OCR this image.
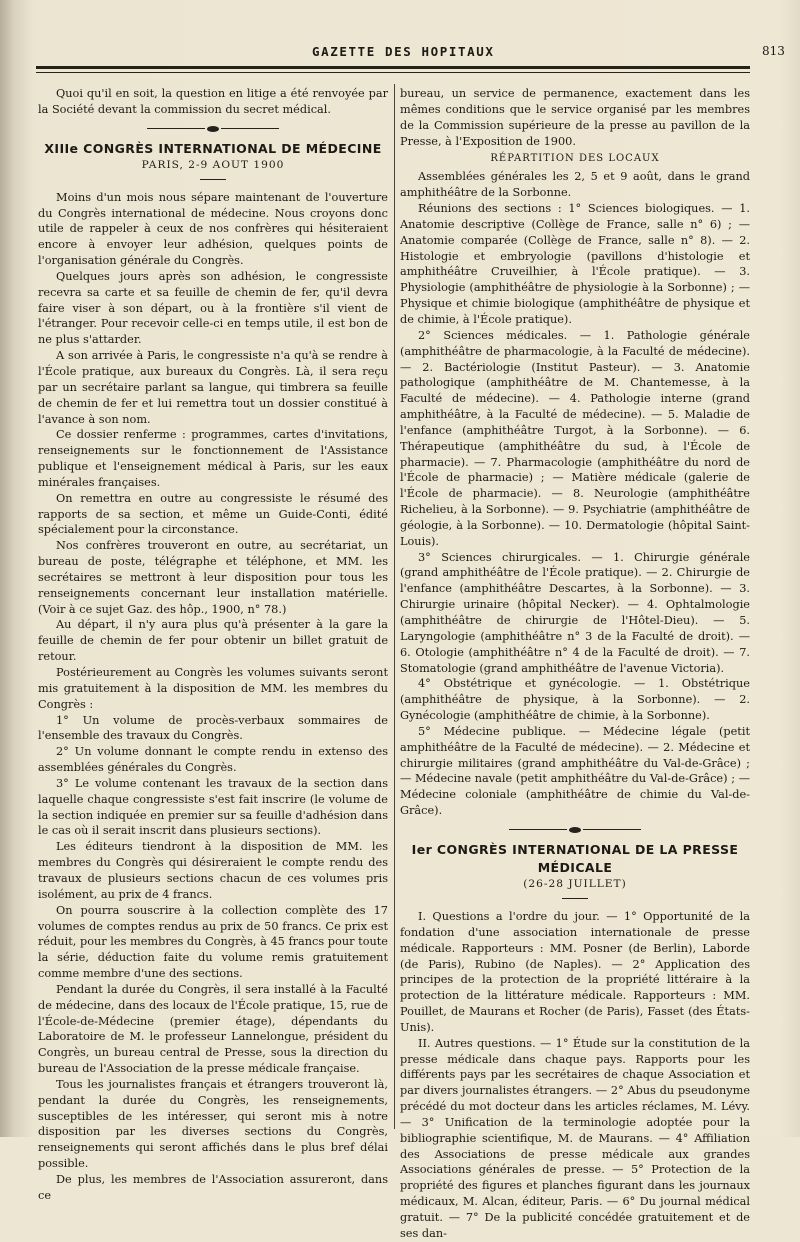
GAZETTE DES HOPITAUX	813

Quoi qu'il en soit, la question en litige a été renvoyée par la Société devant la commission du secret médical.

XIIIe CONGRÈS INTERNATIONAL DE MÉDECINE
PARIS, 2-9 AOUT 1900

Moins d'un mois nous sépare maintenant de l'ouverture du Congrès international de médecine. Nous croyons donc utile de rappeler à ceux de nos confrères qui hésiteraient encore à envoyer leur adhésion, quelques points de l'organisation générale du Congrès.

Quelques jours après son adhésion, le congressiste recevra sa carte et sa feuille de chemin de fer, qu'il devra faire viser à son départ, ou à la frontière s'il vient de l'étranger. Pour recevoir celle-ci en temps utile, il est bon de ne plus s'attarder.

A son arrivée à Paris, le congressiste n'a qu'à se rendre à l'École pratique, aux bureaux du Congrès. Là, il sera reçu par un secrétaire parlant sa langue, qui timbrera sa feuille de chemin de fer et lui remettra tout un dossier constitué à l'avance à son nom.

Ce dossier renferme : programmes, cartes d'invitations, renseignements sur le fonctionnement de l'Assistance publique et l'enseignement médical à Paris, sur les eaux minérales françaises.

On remettra en outre au congressiste le résumé des rapports de sa section, et même un Guide-Conti, édité spécialement pour la circonstance.

Nos confrères trouveront en outre, au secrétariat, un bureau de poste, télégraphe et téléphone, et MM. les secrétaires se mettront à leur disposition pour tous les renseignements concernant leur installation matérielle. (Voir à ce sujet Gaz. des hôp., 1900, n° 78.)

Au départ, il n'y aura plus qu'à présenter à la gare la feuille de chemin de fer pour obtenir un billet gratuit de retour.

Postérieurement au Congrès les volumes suivants seront mis gratuitement à la disposition de MM. les membres du Congrès :

1° Un volume de procès-verbaux sommaires de l'ensemble des travaux du Congrès.

2° Un volume donnant le compte rendu in extenso des assemblées générales du Congrès.

3° Le volume contenant les travaux de la section dans laquelle chaque congressiste s'est fait inscrire (le volume de la section indiquée en premier sur sa feuille d'adhésion dans le cas où il serait inscrit dans plusieurs sections).

Les éditeurs tiendront à la disposition de MM. les membres du Congrès qui désireraient le compte rendu des travaux de plusieurs sections chacun de ces volumes pris isolément, au prix de 4 francs.

On pourra souscrire à la collection complète des 17 volumes de comptes rendus au prix de 50 francs. Ce prix est réduit, pour les membres du Congrès, à 45 francs pour toute la série, déduction faite du volume remis gratuitement comme membre d'une des sections.

Pendant la durée du Congrès, il sera installé à la Faculté de médecine, dans des locaux de l'École pratique, 15, rue de l'École-de-Médecine (premier étage), dépendants du Laboratoire de M. le professeur Lannelongue, président du Congrès, un bureau central de Presse, sous la direction du bureau de l'Association de la presse médicale française.

Tous les journalistes français et étrangers trouveront là, pendant la durée du Congrès, les renseignements, susceptibles de les intéresser, qui seront mis à notre disposition par les diverses sections du Congrès, renseignements qui seront affichés dans le plus bref délai possible.

De plus, les membres de l'Association assureront, dans ce

bureau, un service de permanence, exactement dans les mêmes conditions que le service organisé par les membres de la Commission supérieure de la presse au pavillon de la Presse, à l'Exposition de 1900.

RÉPARTITION DES LOCAUX

Assemblées générales les 2, 5 et 9 août, dans le grand amphithéâtre de la Sorbonne.

Réunions des sections : 1° Sciences biologiques. — 1. Anatomie descriptive (Collège de France, salle n° 6) ; — Anatomie comparée (Collège de France, salle n° 8). — 2. Histologie et embryologie (pavillons d'histologie et amphithéâtre Cruveilhier, à l'École pratique). — 3. Physiologie (amphithéâtre de physiologie à la Sorbonne) ; — Physique et chimie biologique (amphithéâtre de physique et de chimie, à l'École pratique).

2° Sciences médicales. — 1. Pathologie générale (amphithéâtre de pharmacologie, à la Faculté de médecine). — 2. Bactériologie (Institut Pasteur). — 3. Anatomie pathologique (amphithéâtre de M. Chantemesse, à la Faculté de médecine). — 4. Pathologie interne (grand amphithéâtre, à la Faculté de médecine). — 5. Maladie de l'enfance (amphithéâtre Turgot, à la Sorbonne). — 6. Thérapeutique (amphithéâtre du sud, à l'École de pharmacie). — 7. Pharmacologie (amphithéâtre du nord de l'École de pharmacie) ; — Matière médicale (galerie de l'École de pharmacie). — 8. Neurologie (amphithéâtre Richelieu, à la Sorbonne). — 9. Psychiatrie (amphithéâtre de géologie, à la Sorbonne). — 10. Dermatologie (hôpital Saint-Louis).

3° Sciences chirurgicales. — 1. Chirurgie générale (grand amphithéâtre de l'École pratique). — 2. Chirurgie de l'enfance (amphithéâtre Descartes, à la Sorbonne). — 3. Chirurgie urinaire (hôpital Necker). — 4. Ophtalmologie (amphithéâtre de chirurgie de l'Hôtel-Dieu). — 5. Laryngologie (amphithéâtre n° 3 de la Faculté de droit). — 6. Otologie (amphithéâtre n° 4 de la Faculté de droit). — 7. Stomatologie (grand amphithéâtre de l'avenue Victoria).

4° Obstétrique et gynécologie. — 1. Obstétrique (amphithéâtre de physique, à la Sorbonne). — 2. Gynécologie (amphithéâtre de chimie, à la Sorbonne).

5° Médecine publique. — Médecine légale (petit amphithéâtre de la Faculté de médecine). — 2. Médecine et chirurgie militaires (grand amphithéâtre du Val-de-Grâce) ; — Médecine navale (petit amphithéâtre du Val-de-Grâce) ; — Médecine coloniale (amphithéâtre de chimie du Val-de-Grâce).

Ier CONGRÈS INTERNATIONAL DE LA PRESSE MÉDICALE
(26-28 JUILLET)

I. Questions a l'ordre du jour. — 1° Opportunité de la fondation d'une association internationale de presse médicale. Rapporteurs : MM. Posner (de Berlin), Laborde (de Paris), Rubino (de Naples). — 2° Application des principes de la protection de la propriété littéraire à la protection de la littérature médicale. Rapporteurs : MM. Pouillet, de Maurans et Rocher (de Paris), Fasset (des États-Unis).

II. Autres questions. — 1° Étude sur la constitution de la presse médicale dans chaque pays. Rapports pour les différents pays par les secrétaires de chaque Association et par divers journalistes étrangers. — 2° Abus du pseudonyme précédé du mot docteur dans les articles réclames, M. Lévy. — 3° Unification de la terminologie adoptée pour la bibliographie scientifique, M. de Maurans. — 4° Affiliation des Associations de presse médicale aux grandes Associations générales de presse. — 5° Protection de la propriété des figures et planches figurant dans les journaux médicaux, M. Alcan, éditeur, Paris. — 6° Du journal médical gratuit. — 7° De la publicité concédée gratuitement et de ses dan-
